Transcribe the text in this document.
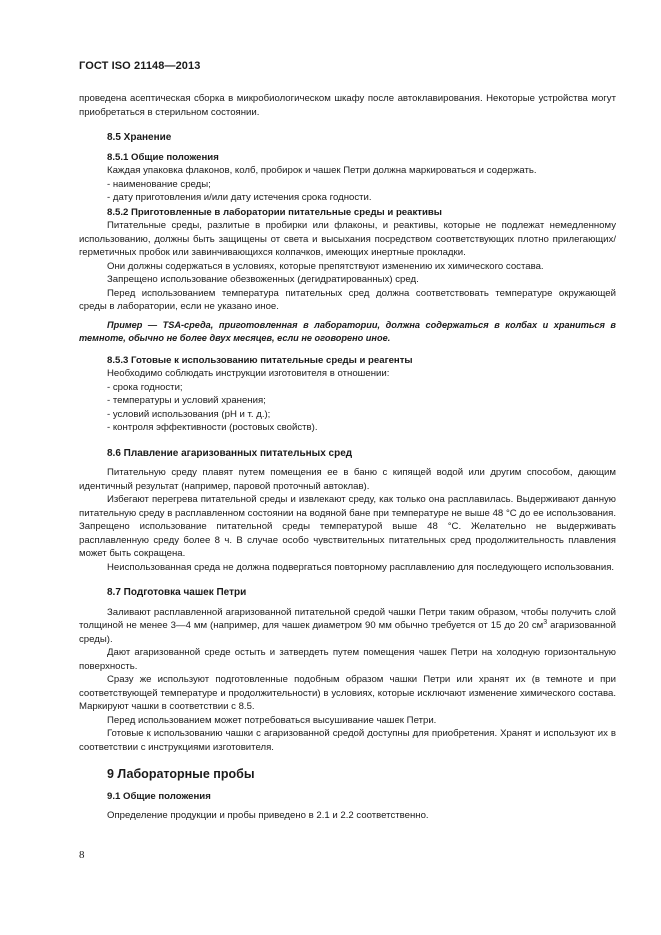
ГОСТ ISO 21148—2013

проведена асептическая сборка в микробиологическом шкафу после автоклавирования. Некоторые устройства могут приобретаться в стерильном состоянии.

8.5 Хранение
8.5.1 Общие положения

Каждая упаковка флаконов, колб, пробирок и чашек Петри должна маркироваться и содержать.

- наименование среды;

- дату приготовления и/или дату истечения срока годности.

8.5.2 Приготовленные в лаборатории питательные среды и реактивы

Питательные среды, разлитые в пробирки или флаконы, и реактивы, которые не подлежат немедленному использованию, должны быть защищены от света и высыхания посредством соответствующих плотно прилегающих/герметичных пробок или завинчивающихся колпачков, имеющих инертные прокладки.

Они должны содержаться в условиях, которые препятствуют изменению их химического состава.

Запрещено использование обезвоженных (дегидратированных) сред.

Перед использованием температура питательных сред должна соответствовать температуре окружающей среды в лаборатории, если не указано иное.

Пример — TSA-среда, приготовленная в лаборатории, должна содержаться в колбах и храниться в темноте, обычно не более двух месяцев, если не оговорено иное.

8.5.3 Готовые к использованию питательные среды и реагенты

Необходимо соблюдать инструкции изготовителя в отношении:

- срока годности;

- температуры и условий хранения;

- условий использования (pH и т. д.);

- контроля эффективности (ростовых свойств).

8.6 Плавление агаризованных питательных сред

Питательную среду плавят путем помещения ее в баню с кипящей водой или другим способом, дающим идентичный результат (например, паровой проточный автоклав).

Избегают перегрева питательной среды и извлекают среду, как только она расплавилась. Выдерживают данную питательную среду в расплавленном состоянии на водяной бане при температуре не выше 48 °С до ее использования. Запрещено использование питательной среды температурой выше 48 °С. Желательно не выдерживать расплавленную среду более 8 ч. В случае особо чувствительных питательных сред продолжительность плавления может быть сокращена.

Неиспользованная среда не должна подвергаться повторному расплавлению для последующего использования.

8.7 Подготовка чашек Петри

Заливают расплавленной агаризованной питательной средой чашки Петри таким образом, чтобы получить слой толщиной не менее 3—4 мм (например, для чашек диаметром 90 мм обычно требуется от 15 до 20 $см^3$ агаризованной среды).

Дают агаризованной среде остыть и затвердеть путем помещения чашек Петри на холодную горизонтальную поверхность.

Сразу же используют подготовленные подобным образом чашки Петри или хранят их (в темноте и при соответствующей температуре и продолжительности) в условиях, которые исключают изменение химического состава. Маркируют чашки в соответствии с 8.5.

Перед использованием может потребоваться высушивание чашек Петри.

Готовые к использованию чашки с агаризованной средой доступны для приобретения. Хранят и используют их в соответствии с инструкциями изготовителя.

9 Лабораторные пробы
9.1 Общие положения

Определение продукции и пробы приведено в 2.1 и 2.2 соответственно.

8
